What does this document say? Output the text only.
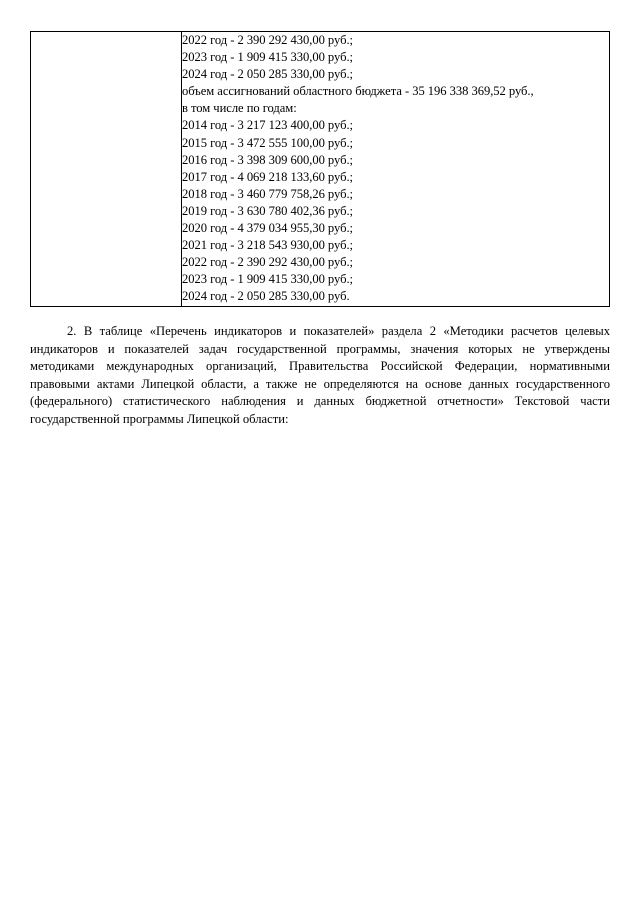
2022 год - 2 390 292 430,00 руб.;
2023 год - 1 909 415 330,00 руб.;
2024 год - 2 050 285 330,00 руб.;
объем ассигнований областного бюджета - 35 196 338 369,52 руб.,
в том числе по годам:
2014 год - 3 217 123 400,00 руб.;
2015 год - 3 472 555 100,00 руб.;
2016 год - 3 398 309 600,00 руб.;
2017 год - 4 069 218 133,60 руб.;
2018 год - 3 460 779 758,26 руб.;
2019 год - 3 630 780 402,36 руб.;
2020 год - 4 379 034 955,30 руб.;
2021 год - 3 218 543 930,00 руб.;
2022 год - 2 390 292 430,00 руб.;
2023 год - 1 909 415 330,00 руб.;
2024 год - 2 050 285 330,00 руб.

2. В таблице «Перечень индикаторов и показателей» раздела 2 «Методики расчетов целевых индикаторов и показателей задач государственной программы, значения которых не утверждены методиками международных организаций, Правительства Российской Федерации, нормативными правовыми актами Липецкой области, а также не определяются на основе данных государственного (федерального) статистического наблюдения и данных бюджетной отчетности» Текстовой части государственной программы Липецкой области:
